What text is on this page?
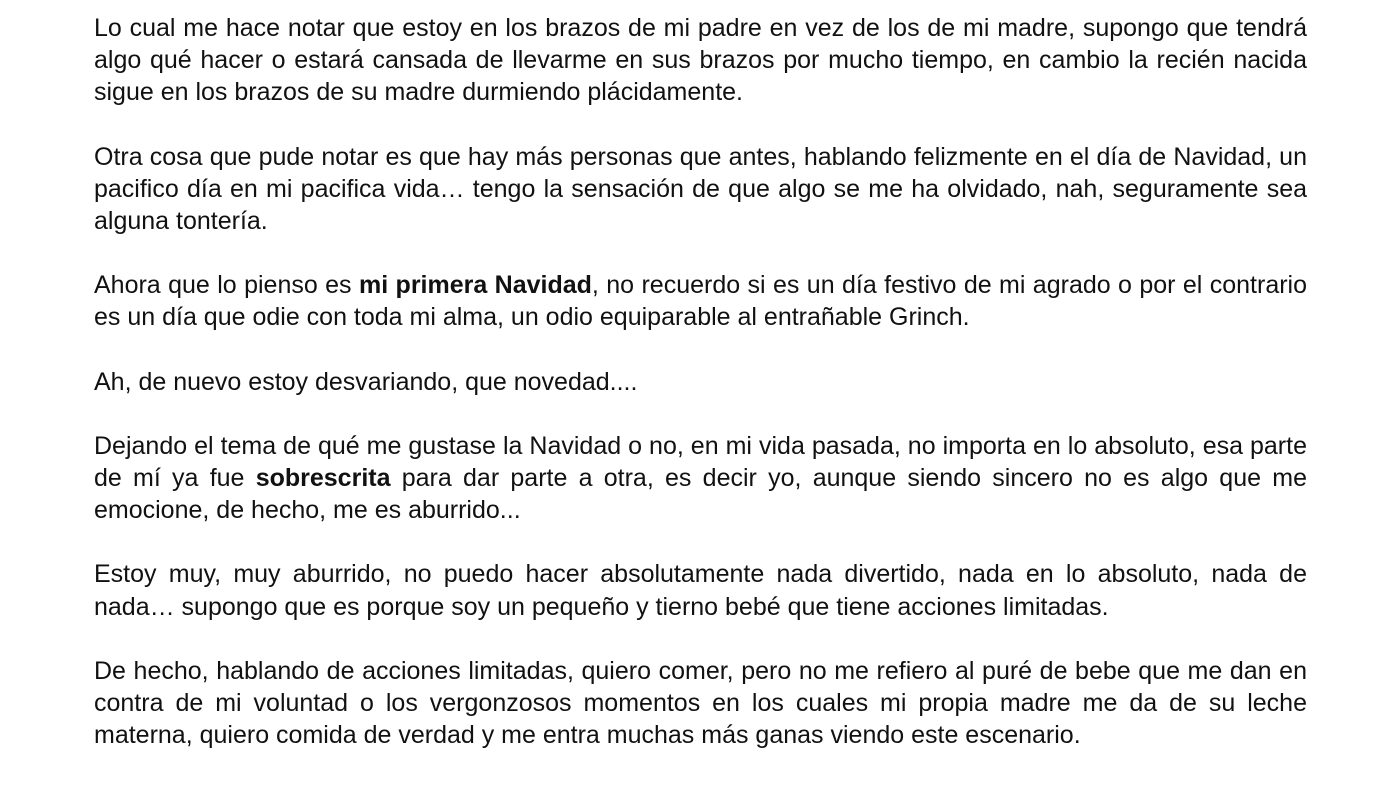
Lo cual me hace notar que estoy en los brazos de mi padre en vez de los de mi madre, supongo que tendrá algo qué hacer o estará cansada de llevarme en sus brazos por mucho tiempo, en cambio la recién nacida sigue en los brazos de su madre durmiendo plácidamente.

Otra cosa que pude notar es que hay más personas que antes, hablando felizmente en el día de Navidad, un pacifico día en mi pacifica vida… tengo la sensación de que algo se me ha olvidado, nah, seguramente sea alguna tontería.

Ahora que lo pienso es mi primera Navidad, no recuerdo si es un día festivo de mi agrado o por el contrario es un día que odie con toda mi alma, un odio equiparable al entrañable Grinch.

Ah, de nuevo estoy desvariando, que novedad....

Dejando el tema de qué me gustase la Navidad o no, en mi vida pasada, no importa en lo absoluto, esa parte de mí ya fue sobrescrita para dar parte a otra, es decir yo, aunque siendo sincero no es algo que me emocione, de hecho, me es aburrido...

Estoy muy, muy aburrido, no puedo hacer absolutamente nada divertido, nada en lo absoluto, nada de nada… supongo que es porque soy un pequeño y tierno bebé que tiene acciones limitadas.

De hecho, hablando de acciones limitadas, quiero comer, pero no me refiero al puré de bebe que me dan en contra de mi voluntad o los vergonzosos momentos en los cuales mi propia madre me da de su leche materna, quiero comida de verdad y me entra muchas más ganas viendo este escenario.
